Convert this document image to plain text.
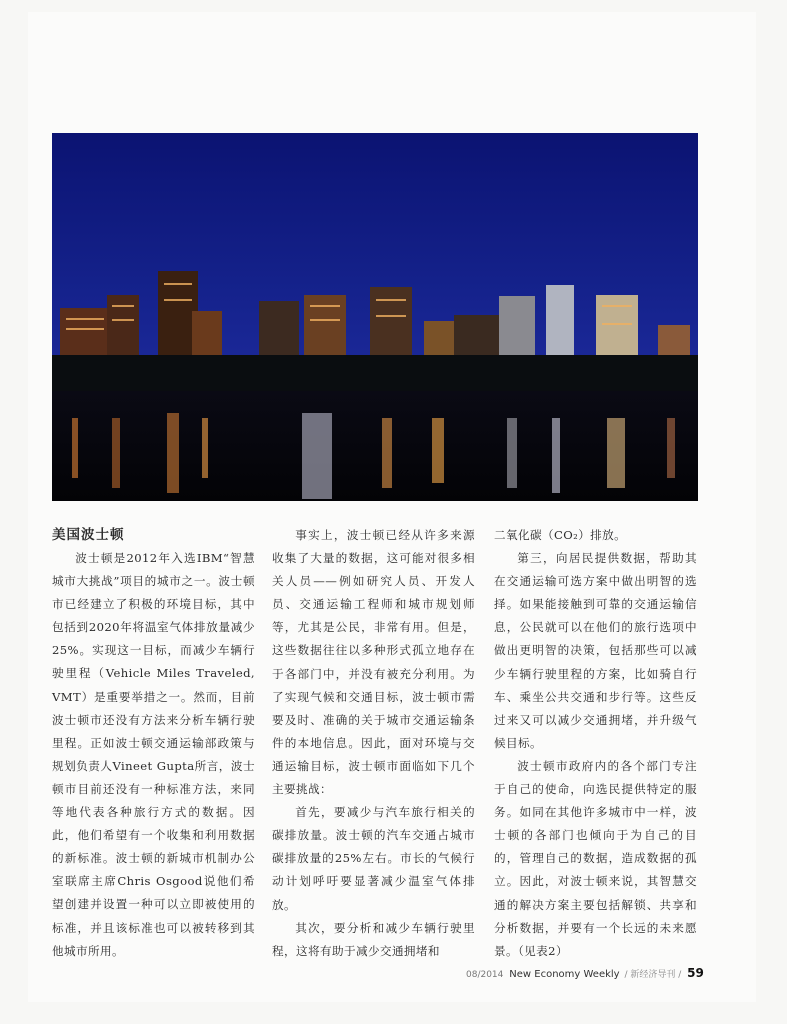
美国波士顿

波士顿是2012年入选IBM“智慧城市大挑战”项目的城市之一。波士顿市已经建立了积极的环境目标，其中包括到2020年将温室气体排放量减少25%。实现这一目标，而减少车辆行驶里程（Vehicle Miles Traveled, VMT）是重要举措之一。然而，目前波士顿市还没有方法来分析车辆行驶里程。正如波士顿交通运输部政策与规划负责人Vineet Gupta所言，波士顿市目前还没有一种标准方法，来同等地代表各种旅行方式的数据。因此，他们希望有一个收集和利用数据的新标准。波士顿的新城市机制办公室联席主席Chris Osgood说他们希望创建并设置一种可以立即被使用的标准，并且该标准也可以被转移到其他城市所用。

事实上，波士顿已经从许多来源收集了大量的数据，这可能对很多相关人员——例如研究人员、开发人员、交通运输工程师和城市规划师等，尤其是公民，非常有用。但是，这些数据往往以多种形式孤立地存在于各部门中，并没有被充分利用。为了实现气候和交通目标，波士顿市需要及时、准确的关于城市交通运输条件的本地信息。因此，面对环境与交通运输目标，波士顿市面临如下几个主要挑战：

首先，要减少与汽车旅行相关的碳排放量。波士顿的汽车交通占城市碳排放量的25%左右。市长的气候行动计划呼吁要显著减少温室气体排放。

其次，要分析和减少车辆行驶里程，这将有助于减少交通拥堵和

二氧化碳（CO₂）排放。

第三，向居民提供数据，帮助其在交通运输可选方案中做出明智的选择。如果能接触到可靠的交通运输信息，公民就可以在他们的旅行选项中做出更明智的决策，包括那些可以减少车辆行驶里程的方案，比如骑自行车、乘坐公共交通和步行等。这些反过来又可以减少交通拥堵，并升级气候目标。

波士顿市政府内的各个部门专注于自己的使命，向选民提供特定的服务。如同在其他许多城市中一样，波士顿的各部门也倾向于为自己的目的，管理自己的数据，造成数据的孤立。因此，对波士顿来说，其智慧交通的解决方案主要包括解锁、共享和分析数据，并要有一个长远的未来愿景。（见表2）

08/2014 New Economy Weekly / 新经济导刊 / 59
